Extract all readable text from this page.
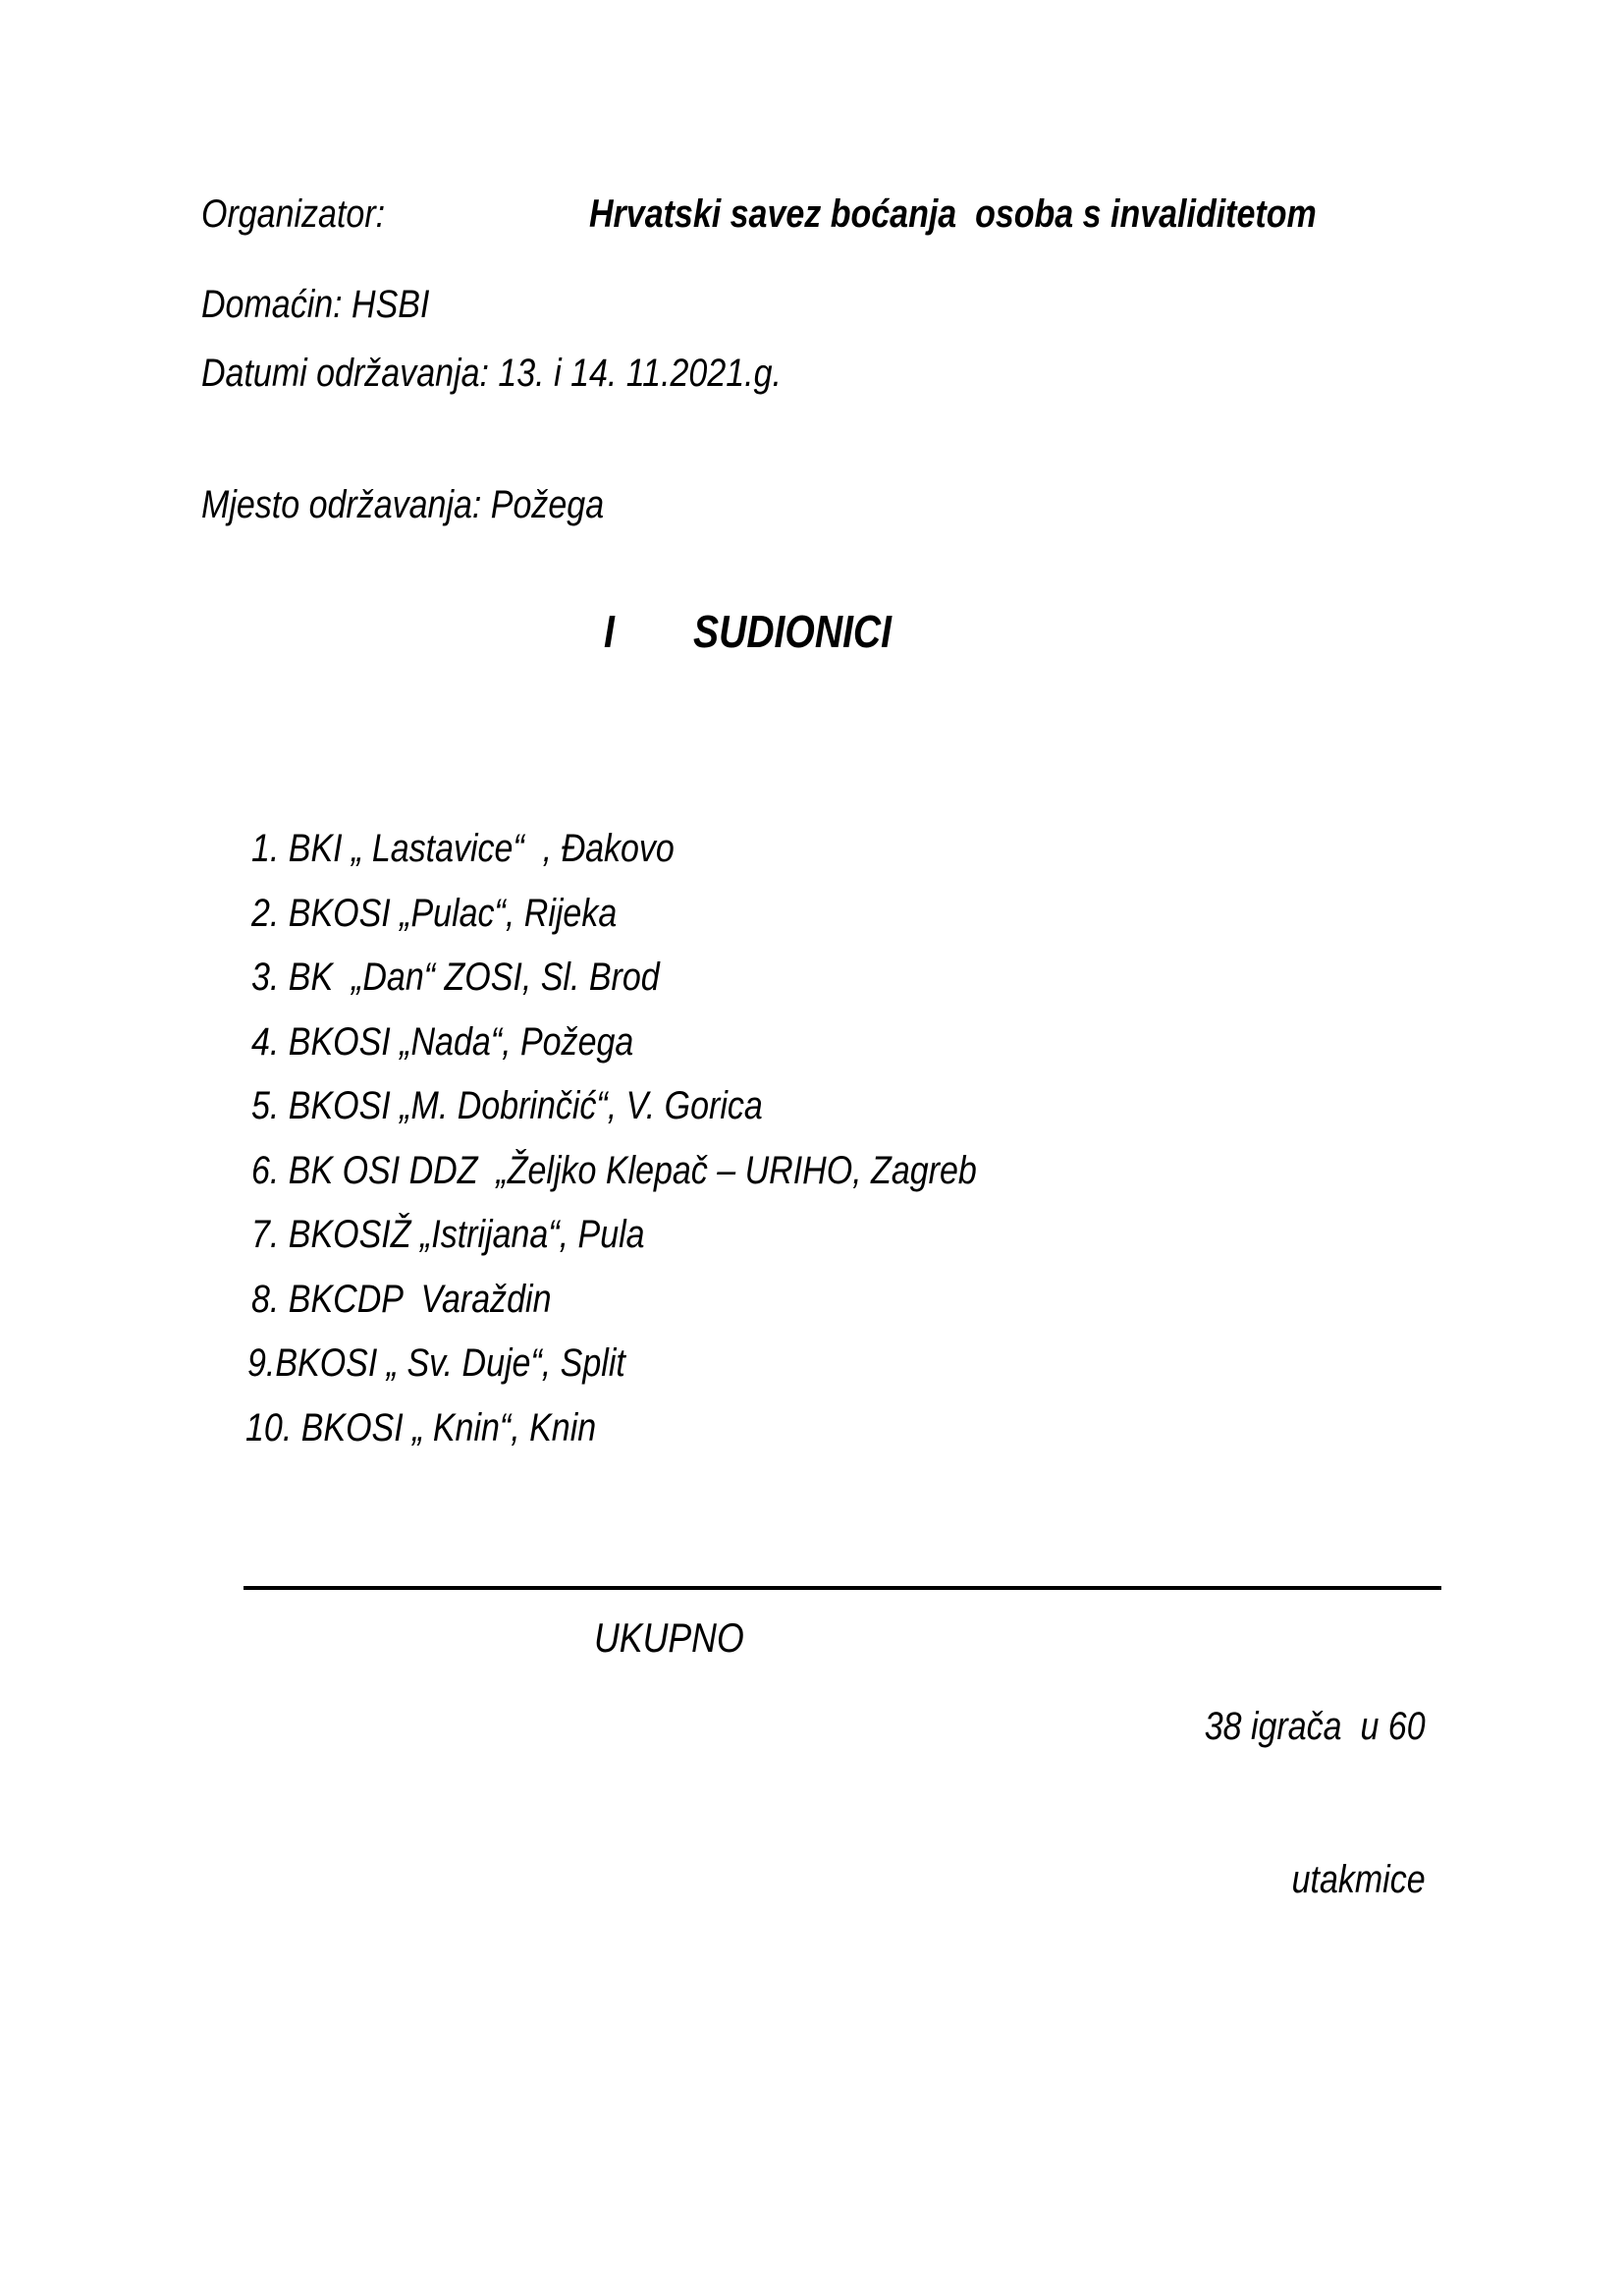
Organizator:	Hrvatski savez boćanja  osoba s invaliditetom
Domaćin: HSBI
Datumi održavanja: 13. i 14. 11.2021.g.
Mjesto održavanja: Požega
I SUDIONICI
1. BKI „ Lastavice“  , Đakovo
2. BKOSI „Pulac“, Rijeka
3. BK  „Dan“ ZOSI, Sl. Brod
4. BKOSI „Nada“, Požega
5. BKOSI „M. Dobrinčić“, V. Gorica
6. BK OSI DDZ  „Željko Klepač – URIHO, Zagreb
7. BKOSIŽ „Istrijana“, Pula
8. BKCDP  Varaždin
9.BKOSI „ Sv. Duje“, Split
10. BKOSI „ Knin“, Knin
UKUPNO

38 igrača  u 60

utakmice
